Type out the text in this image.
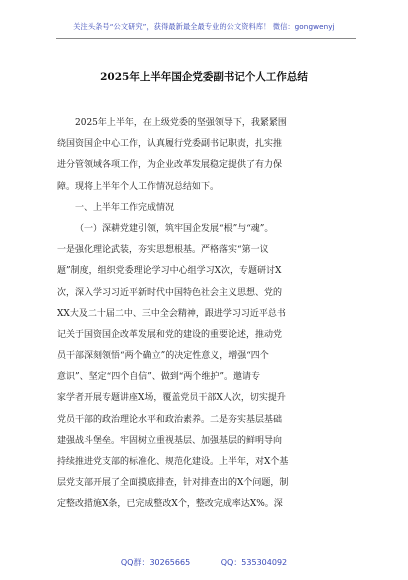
关注头条号“公文研究”，获得最新最全最专业的公文资料库！ 微信：gongwenyj
2025年上半年国企党委副书记个人工作总结
2025年上半年，在上级党委的坚强领导下，我紧紧围
绕国资国企中心工作，认真履行党委副书记职责，扎实推
进分管领域各项工作，为企业改革发展稳定提供了有力保
障。现将上半年个人工作情况总结如下。
一、上半年工作完成情况
（一）深耕党建引领，筑牢国企发展“根”与“魂”。
一是强化理论武装，夯实思想根基。严格落实“第一议
题”制度，组织党委理论学习中心组学习X次，专题研讨X
次，深入学习习近平新时代中国特色社会主义思想、党的
XX大及二十届二中、三中全会精神，跟进学习习近平总书
记关于国资国企改革发展和党的建设的重要论述，推动党
员干部深刻领悟“两个确立”的决定性意义，增强“四个
意识”、坚定“四个自信”、做到“两个维护”。邀请专
家学者开展专题讲座X场，覆盖党员干部X人次，切实提升
党员干部的政治理论水平和政治素养。二是夯实基层基础
建强战斗堡垒。牢固树立重视基层、加强基层的鲜明导向
持续推进党支部的标准化、规范化建设。上半年，对X个基
层党支部开展了全面摸底排查，针对排查出的X个问题，制
定整改措施X条，已完成整改X个，整改完成率达X%。深
QQ群：30265665	QQ：535304092
